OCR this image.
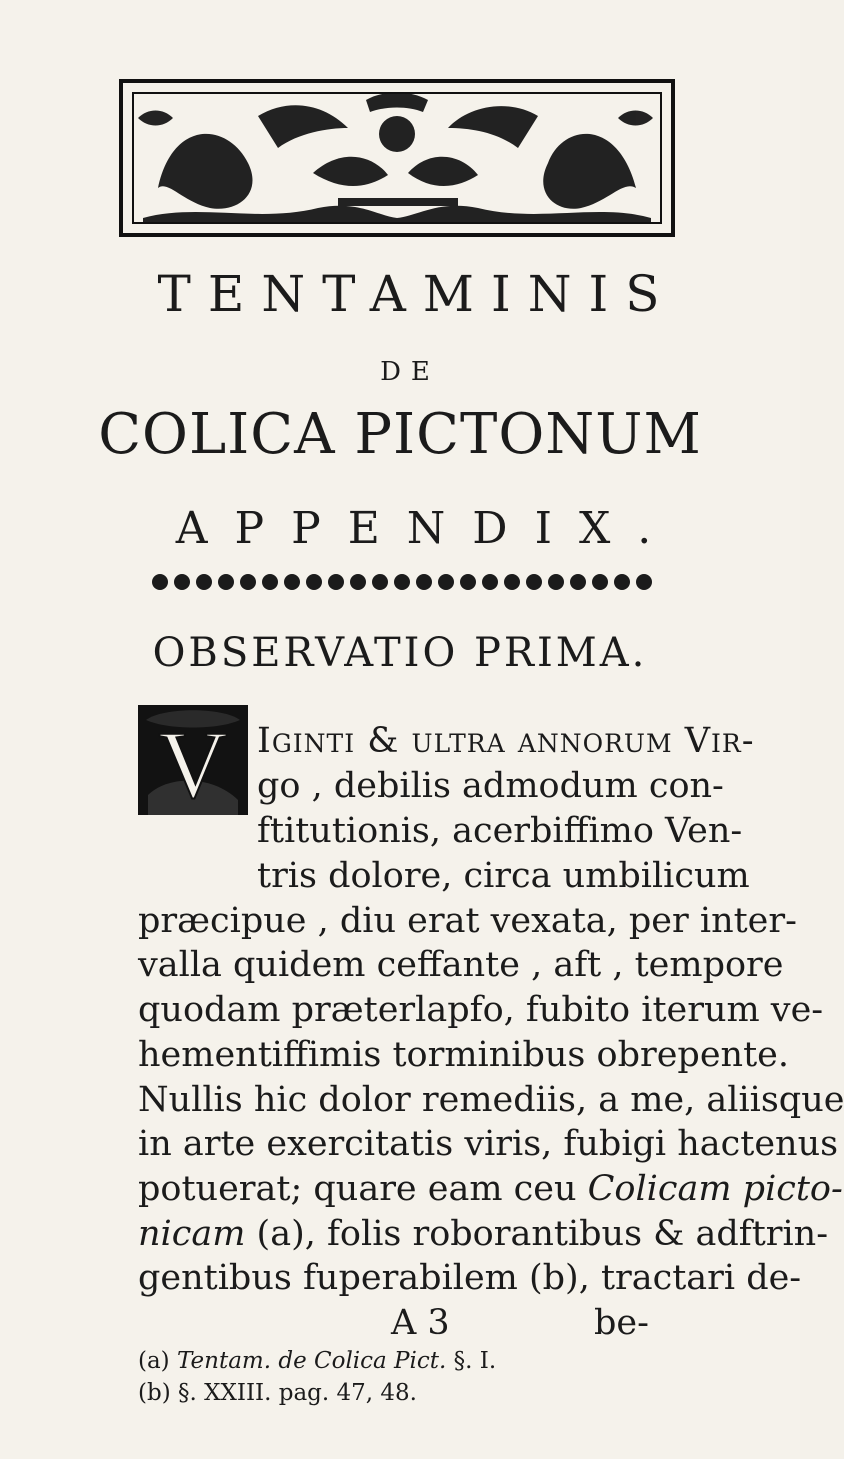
TENTAMINIS
DE
COLICA PICTONUM
APPENDIX.
OBSERVATIO PRIMA.
V Iginti & ultra annorum Vir-
go , debilis admodum con-
ftitutionis, acerbiffimo Ven-
tris dolore, circa umbilicum
præcipue , diu erat vexata, per inter-
valla quidem ceffante , aft , tempore
quodam præterlapfo, fubito iterum ve-
hementiffimis torminibus obrepente.
Nullis hic dolor remediis, a me, aliisque
in arte exercitatis viris, fubigi hactenus
potuerat; quare eam ceu Colicam picto-
nicam (a), folis roborantibus & adftrin-
gentibus fuperabilem (b), tractari de-
A 3	be-
(a) Tentam. de Colica Pict. §. I.
(b) §. XXIII. pag. 47, 48.
